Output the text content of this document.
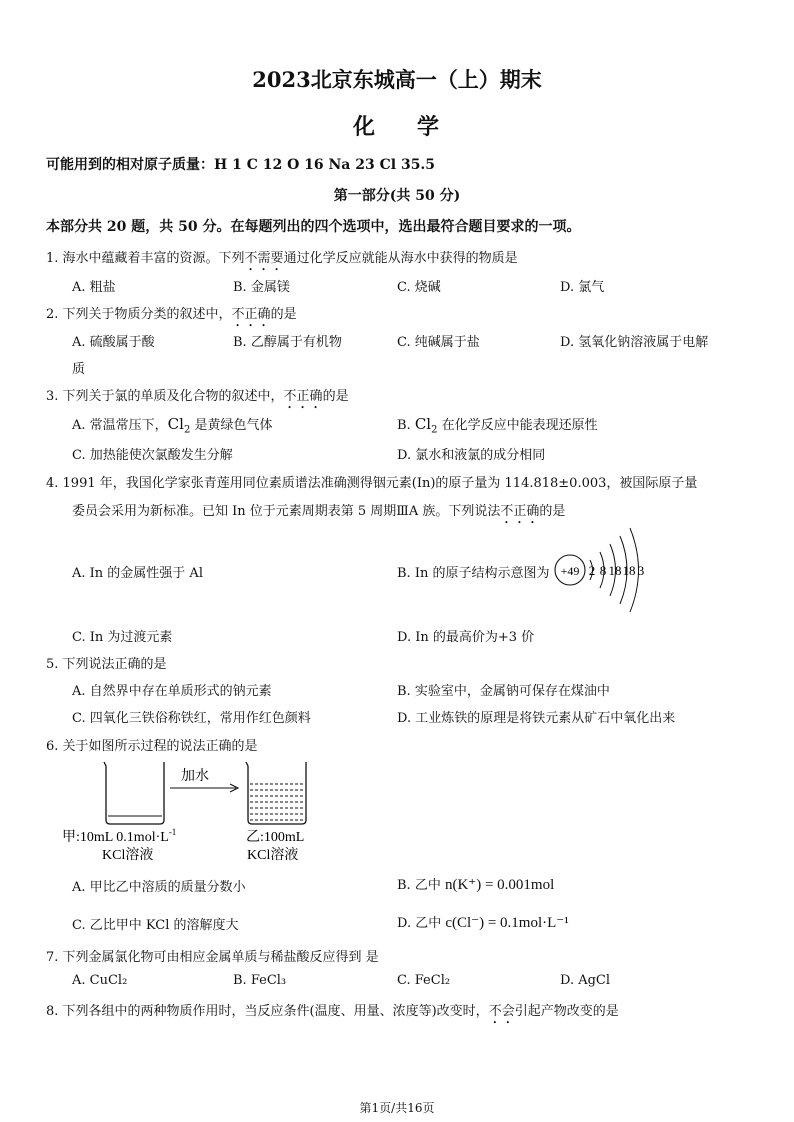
2023北京东城高一（上）期末
化 学
可能用到的相对原子质量：H 1 C 12 O 16 Na 23 Cl 35.5
第一部分(共 50 分)
本部分共 20 题，共 50 分。在每题列出的四个选项中，选出最符合题目要求的一项。
1. 海水中蕴藏着丰富的资源。下列不需要通过化学反应就能从海水中获得的物质是
A. 粗盐	B. 金属镁	C. 烧碱	D. 氯气
2. 下列关于物质分类的叙述中，不正确的是
A. 硫酸属于酸	B. 乙醇属于有机物	C. 纯碱属于盐	D. 氢氧化钠溶液属于电解
质
3. 下列关于氯的单质及化合物的叙述中，不正确的是
A. 常温常压下，$Cl_2$ 是黄绿色气体	B. $Cl_2$ 在化学反应中能表现还原性
C. 加热能使次氯酸发生分解	D. 氯水和液氯的成分相同
4. 1991 年，我国化学家张青莲用同位素质谱法准确测得铟元素(In)的原子量为 114.818±0.003，被国际原子量
委员会采用为新标准。已知 In 位于元素周期表第 5 周期ⅢA 族。下列说法不正确的是
A. In 的金属性强于 Al	B. In 的原子结构示意图为 +49 2 8 18 18 3
C. In 为过渡元素	D. In 的最高价为+3 价
5. 下列说法正确的是
A. 自然界中存在单质形式的钠元素	B. 实验室中，金属钠可保存在煤油中
C. 四氧化三铁俗称铁红，常用作红色颜料	D. 工业炼铁的原理是将铁元素从矿石中氧化出来
6. 关于如图所示过程的说法正确的是
加水
甲:10mL $0.1mol\cdot L^{-1}$
KCl溶液
乙:100mL
KCl溶液
A. 甲比乙中溶质的质量分数小	B. 乙中 n(K⁺) = 0.001mol
C. 乙比甲中 KCl 的溶解度大	D. 乙中 c(Cl⁻) = 0.1mol·L⁻¹
7. 下列金属氯化物可由相应金属单质与稀盐酸反应得到 是
A. CuCl₂	B. FeCl₃	C. FeCl₂	D. AgCl
8. 下列各组中的两种物质作用时，当反应条件(温度、用量、浓度等)改变时，不会引起产物改变的是
第1页/共16页
